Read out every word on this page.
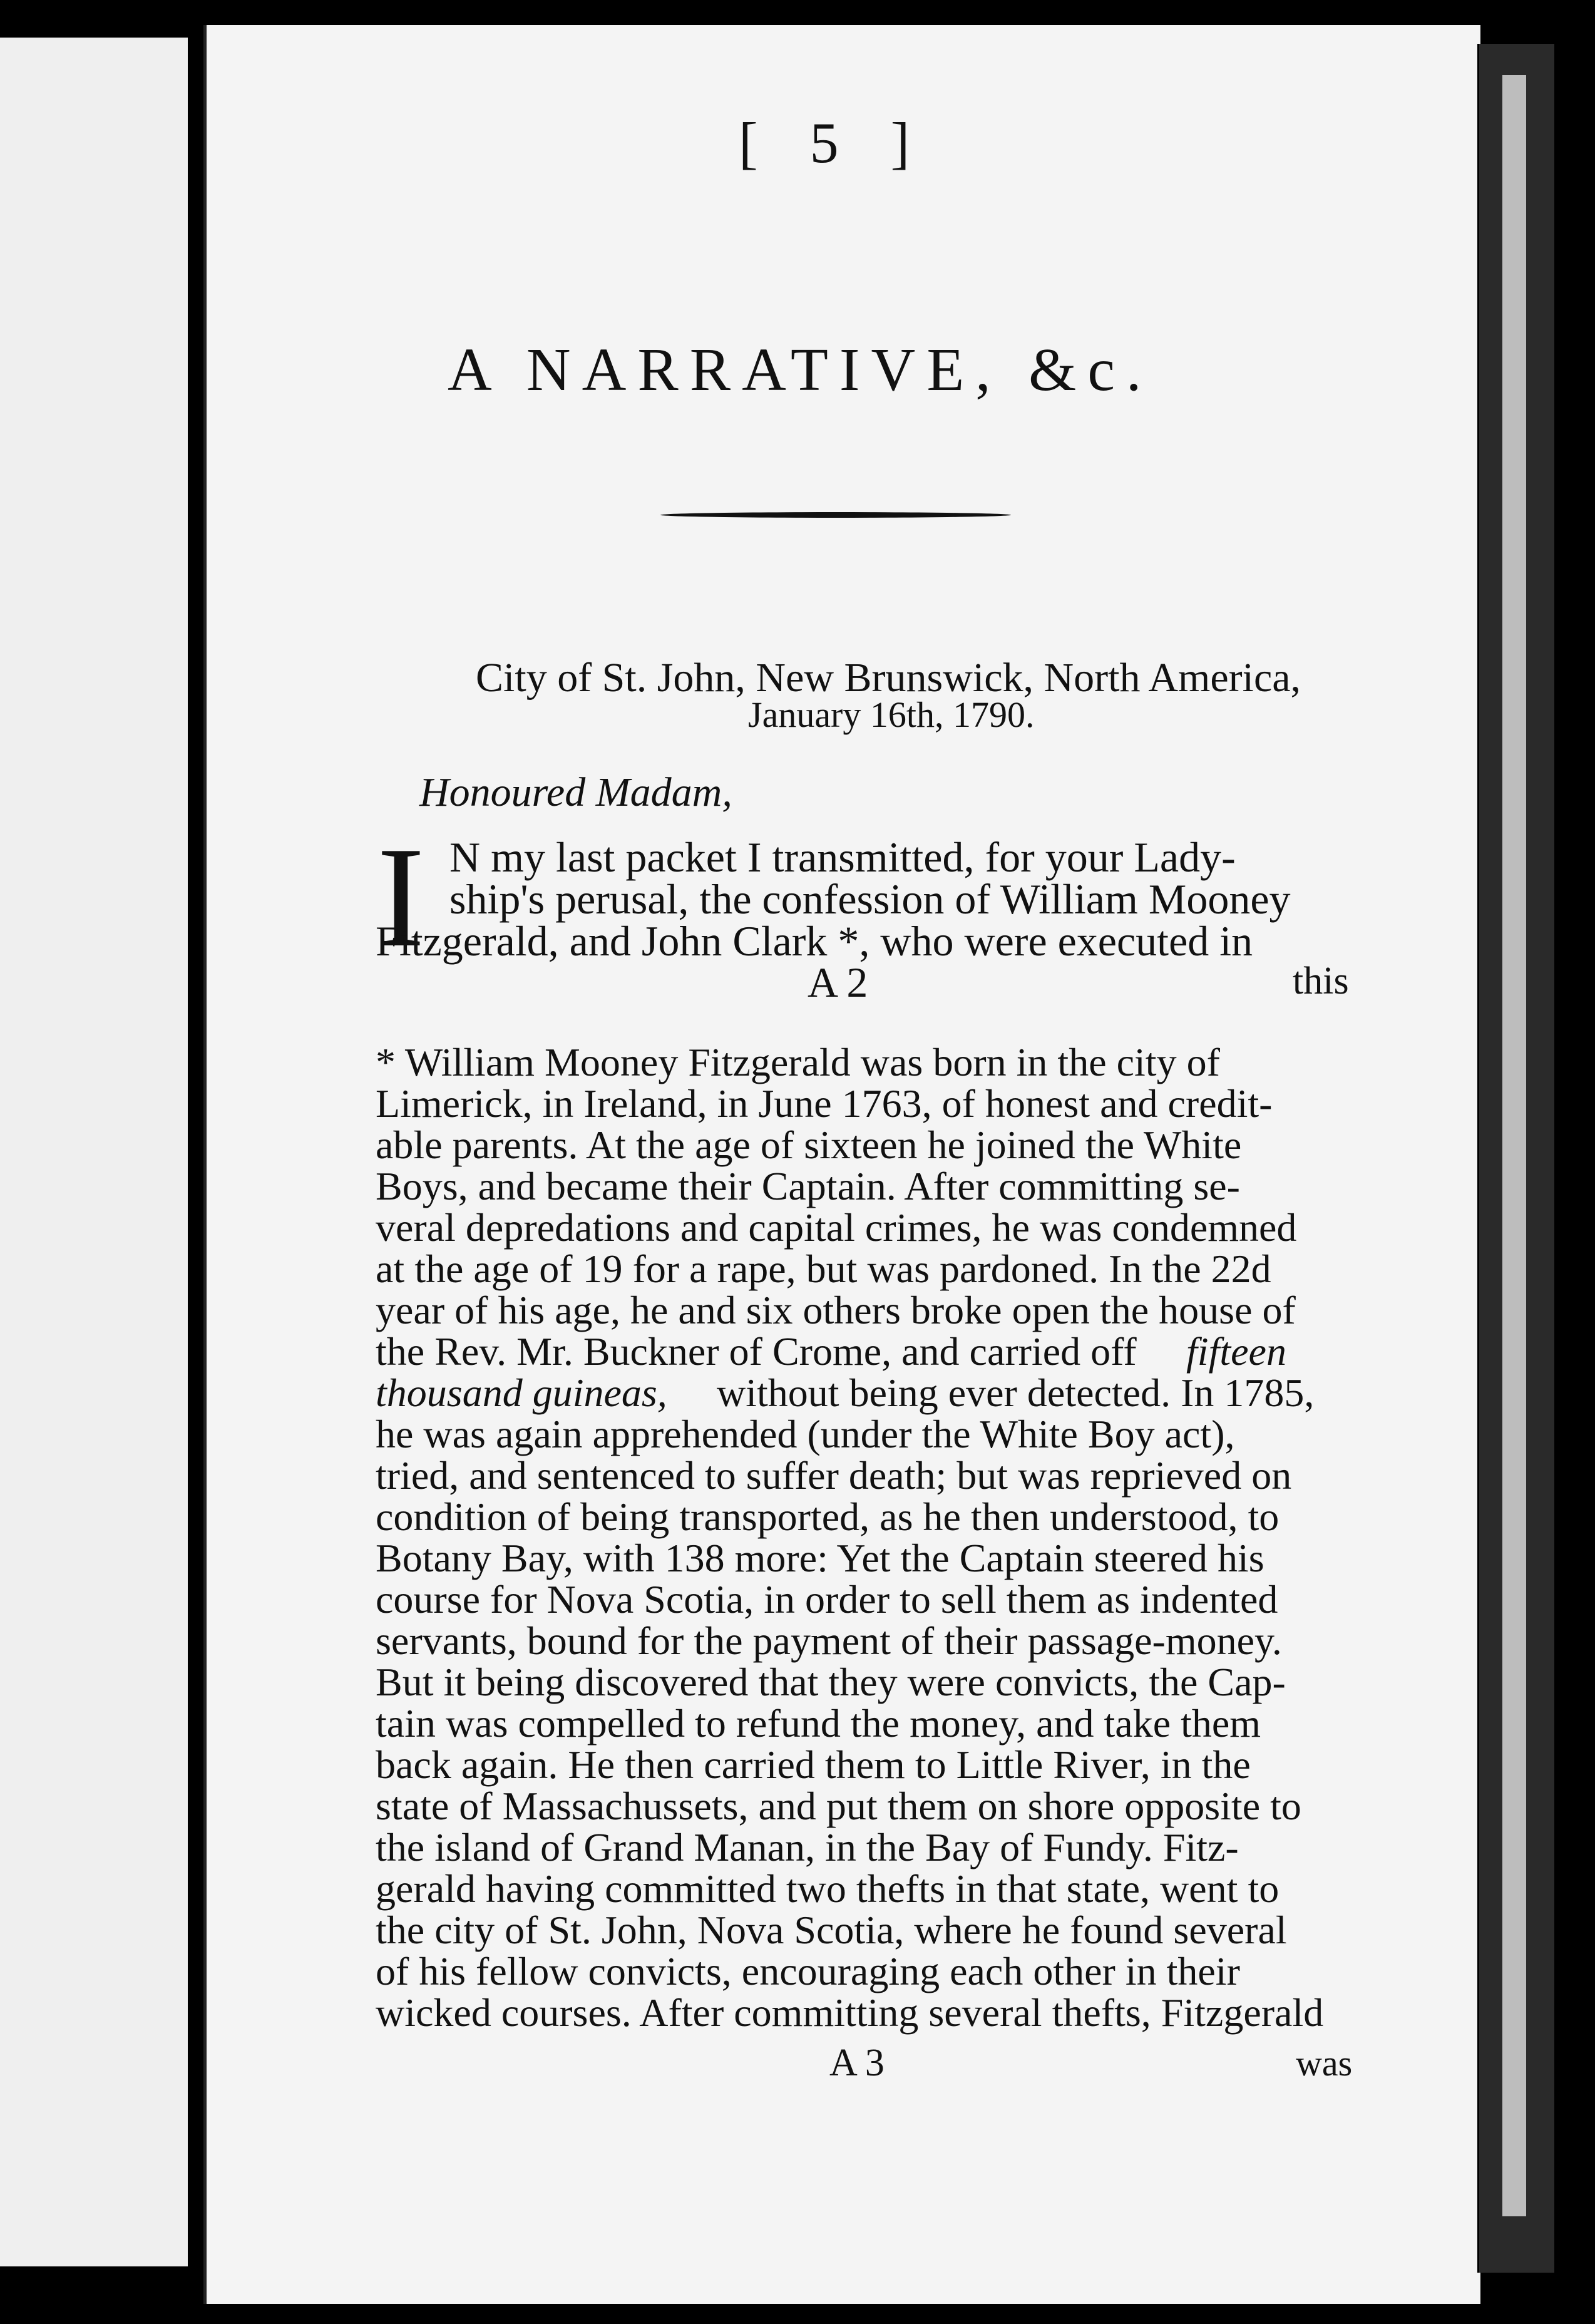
[ 5 ]
A NARRATIVE, &c.
City of St. John, New Brunswick, North America,
January 16th, 1790.
Honoured Madam,
I N my last packet I transmitted, for your Lady-
ship's perusal, the confession of William Mooney
Fitzgerald, and John Clark *, who were executed in
A 2	this
* William Mooney Fitzgerald was born in the city of
Limerick, in Ireland, in June 1763, of honest and credit-
able parents. At the age of sixteen he joined the White
Boys, and became their Captain. After committing se-
veral depredations and capital crimes, he was condemned
at the age of 19 for a rape, but was pardoned. In the 22d
year of his age, he and six others broke open the house of
the Rev. Mr. Buckner of Crome, and carried off fifteen
thousand guineas, without being ever detected. In 1785,
he was again apprehended (under the White Boy act),
tried, and sentenced to suffer death; but was reprieved on
condition of being transported, as he then understood, to
Botany Bay, with 138 more: Yet the Captain steered his
course for Nova Scotia, in order to sell them as indented
servants, bound for the payment of their passage-money.
But it being discovered that they were convicts, the Cap-
tain was compelled to refund the money, and take them
back again. He then carried them to Little River, in the
state of Massachussets, and put them on shore opposite to
the island of Grand Manan, in the Bay of Fundy. Fitz-
gerald having committed two thefts in that state, went to
the city of St. John, Nova Scotia, where he found several
of his fellow convicts, encouraging each other in their
wicked courses. After committing several thefts, Fitzgerald
A 3	was
